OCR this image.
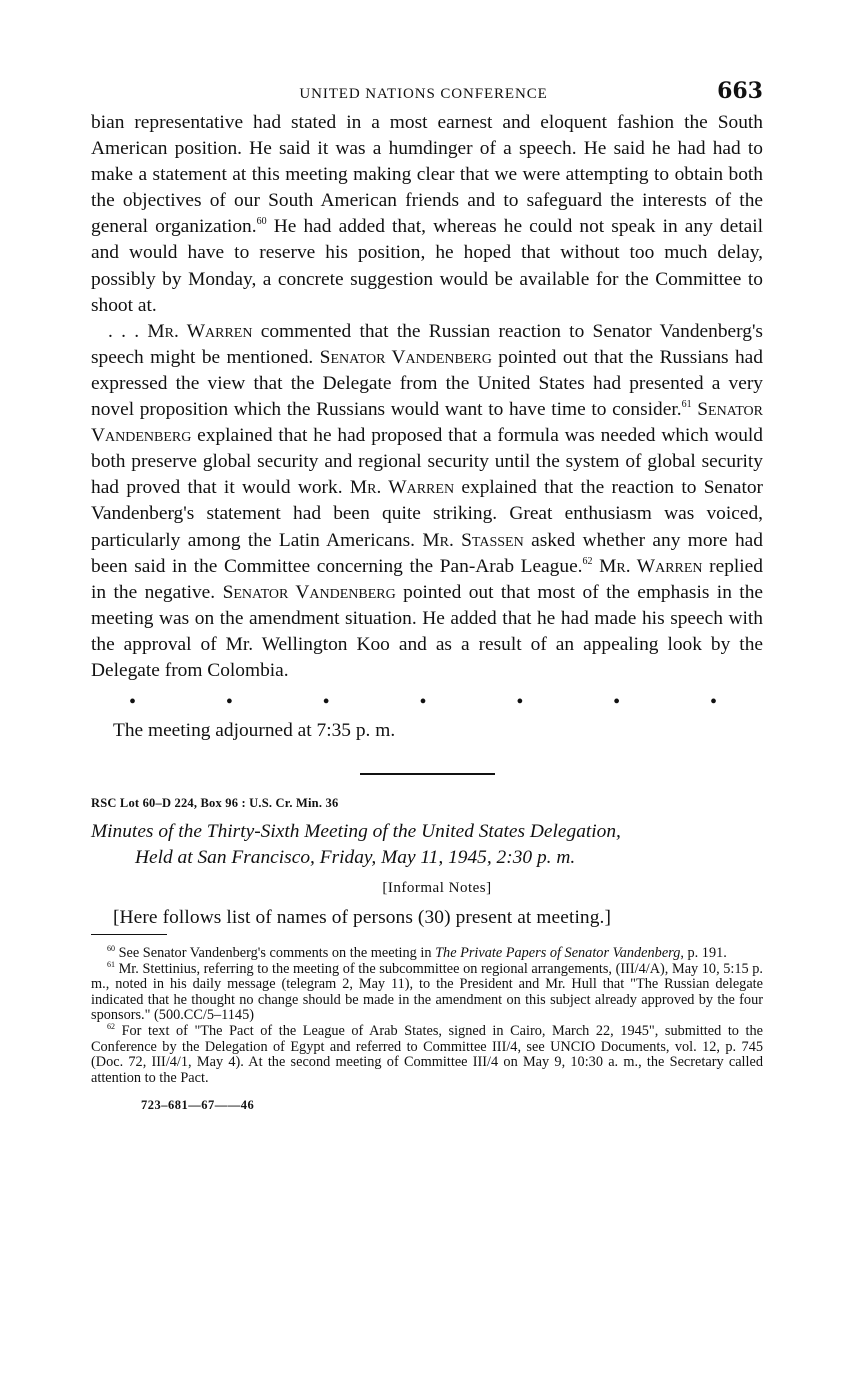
UNITED NATIONS CONFERENCE	663

bian representative had stated in a most earnest and eloquent fashion the South American position. He said it was a humdinger of a speech. He said he had had to make a statement at this meeting making clear that we were attempting to obtain both the objectives of our South American friends and to safeguard the interests of the general organization.$^{60}$ He had added that, whereas he could not speak in any detail and would have to reserve his position, he hoped that without too much delay, possibly by Monday, a concrete suggestion would be available for the Committee to shoot at.

. . . Mr. Warren commented that the Russian reaction to Senator Vandenberg's speech might be mentioned. Senator Vandenberg pointed out that the Russians had expressed the view that the Delegate from the United States had presented a very novel proposition which the Russians would want to have time to consider.$^{61}$ Senator Vandenberg explained that he had proposed that a formula was needed which would both preserve global security and regional security until the system of global security had proved that it would work. Mr. Warren explained that the reaction to Senator Vandenberg's statement had been quite striking. Great enthusiasm was voiced, particularly among the Latin Americans. Mr. Stassen asked whether any more had been said in the Committee concerning the Pan-Arab League.$^{62}$ Mr. Warren replied in the negative. Senator Vandenberg pointed out that most of the emphasis in the meeting was on the amendment situation. He added that he had made his speech with the approval of Mr. Wellington Koo and as a result of an appealing look by the Delegate from Colombia.

•	•	•	•	•	•	•
The meeting adjourned at 7:35 p. m.
RSC Lot 60–D 224, Box 96 : U.S. Cr. Min. 36
Minutes of the Thirty-Sixth Meeting of the United States Delegation,
Held at San Francisco, Friday, May 11, 1945, 2:30 p. m.
[Informal Notes]
[Here follows list of names of persons (30) present at meeting.]

$^{60}$ See Senator Vandenberg's comments on the meeting in The Private Papers of Senator Vandenberg, p. 191.

$^{61}$ Mr. Stettinius, referring to the meeting of the subcommittee on regional arrangements, (III/4/A), May 10, 5:15 p. m., noted in his daily message (telegram 2, May 11), to the President and Mr. Hull that "The Russian delegate indicated that he thought no change should be made in the amendment on this subject already approved by the four sponsors." (500.CC/5–1145)

$^{62}$ For text of "The Pact of the League of Arab States, signed in Cairo, March 22, 1945", submitted to the Conference by the Delegation of Egypt and referred to Committee III/4, see UNCIO Documents, vol. 12, p. 745 (Doc. 72, III/4/1, May 4). At the second meeting of Committee III/4 on May 9, 10:30 a. m., the Secretary called attention to the Pact.

723–681—67——46
